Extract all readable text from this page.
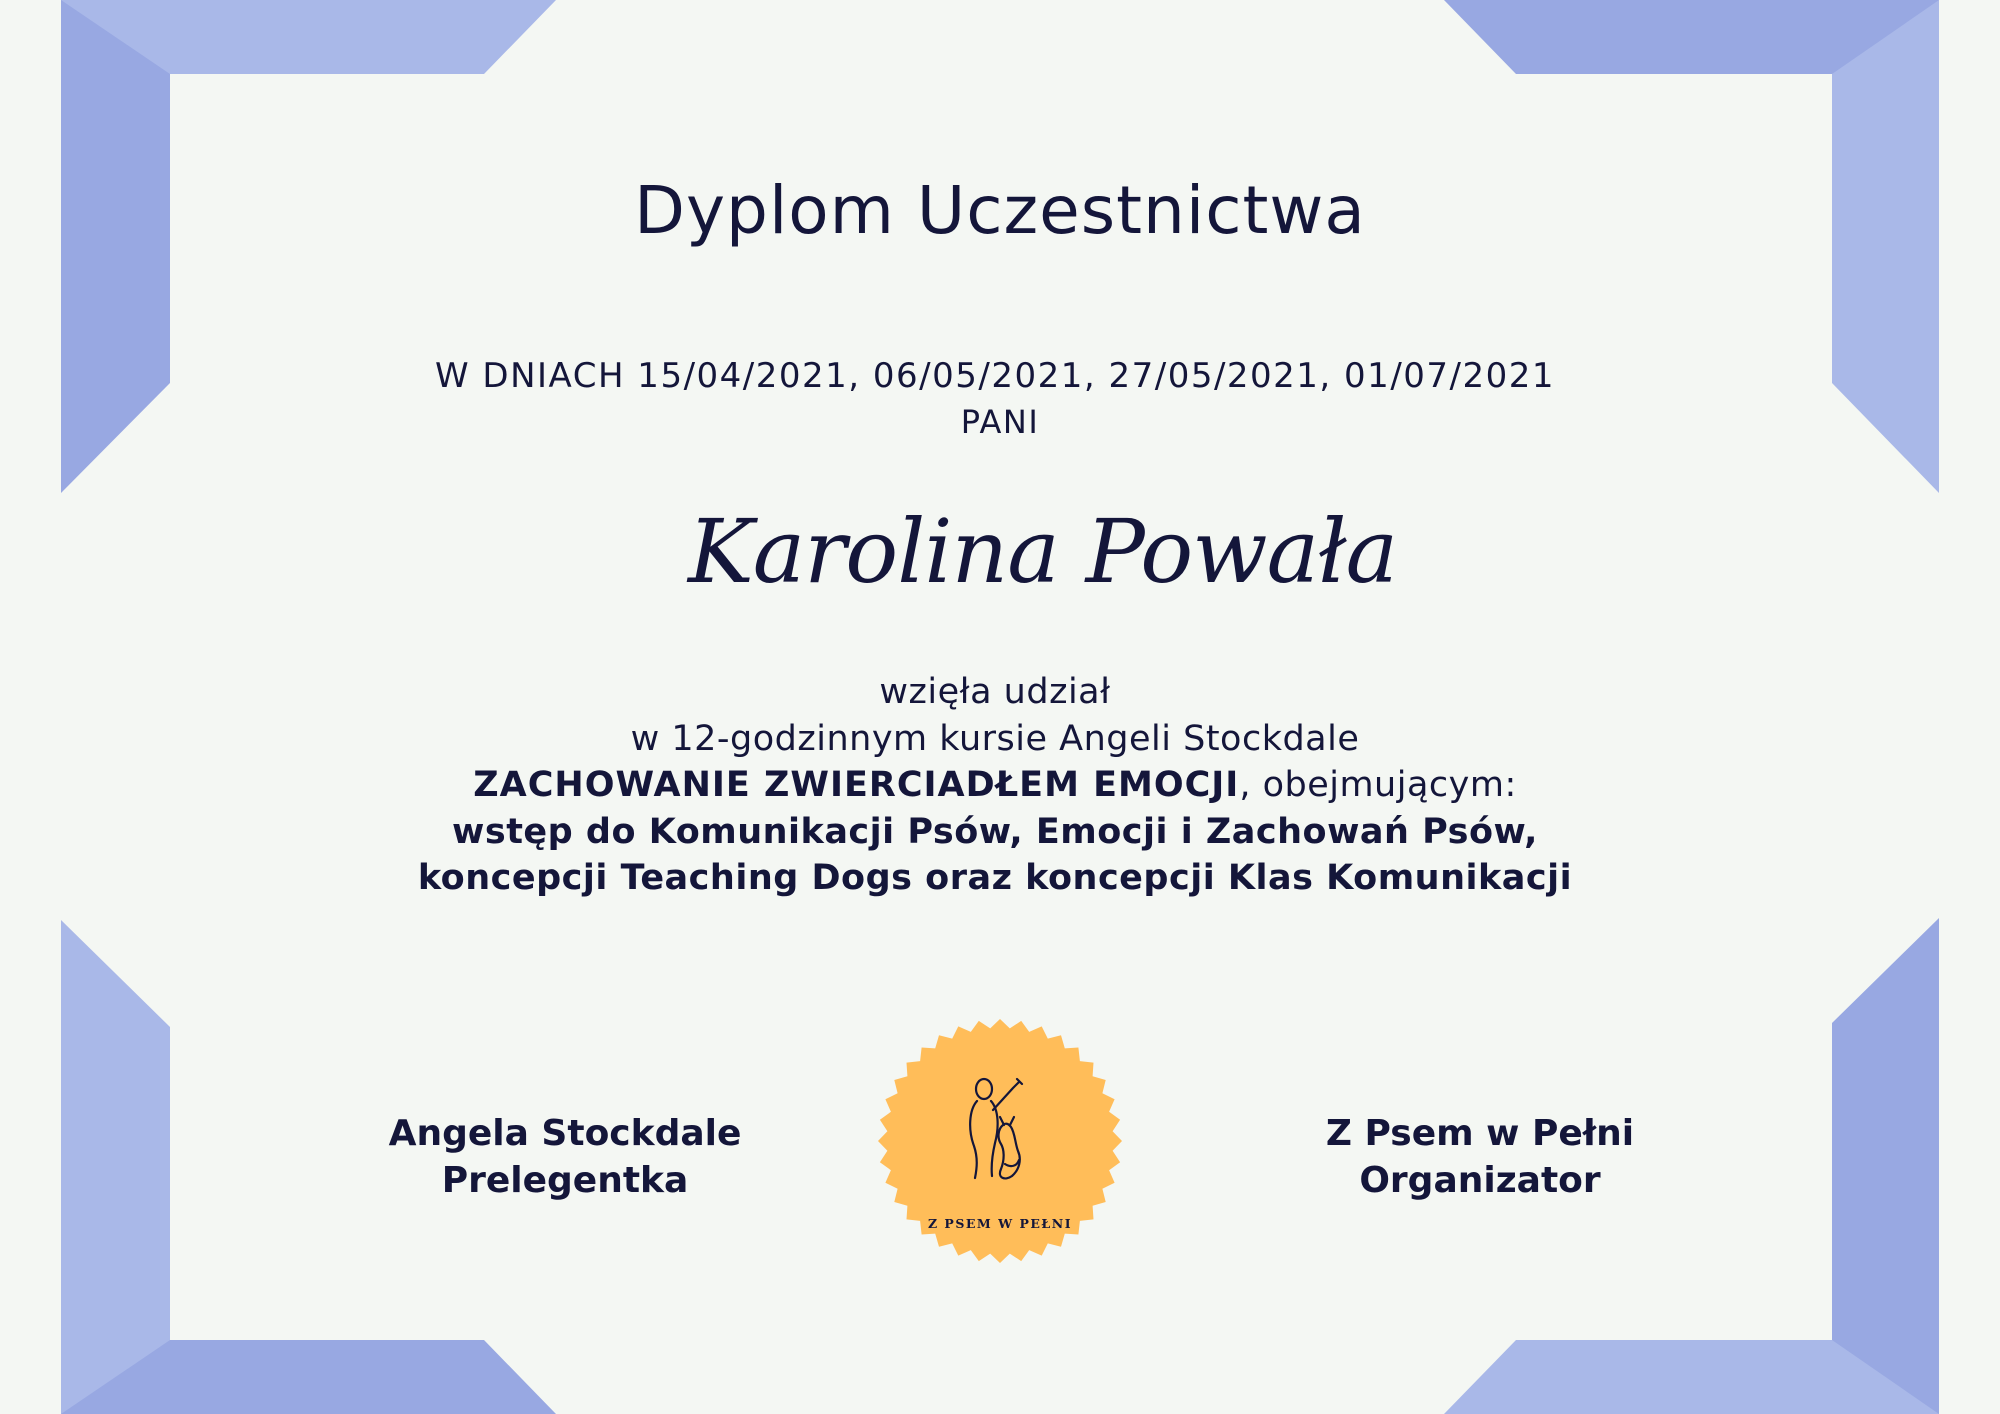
Dyplom Uczestnictwa
W DNIACH 15/04/2021, 06/05/2021, 27/05/2021, 01/07/2021
PANI
Karolina Powała
wzięła udział
w 12-godzinnym kursie Angeli Stockdale
ZACHOWANIE ZWIERCIADŁEM EMOCJI, obejmującym:
wstęp do Komunikacji Psów, Emocji i Zachowań Psów,
koncepcji Teaching Dogs oraz koncepcji Klas Komunikacji
Angela Stockdale
Prelegentka
Z Psem w Pełni
Organizator
Z PSEM W PEŁNI
